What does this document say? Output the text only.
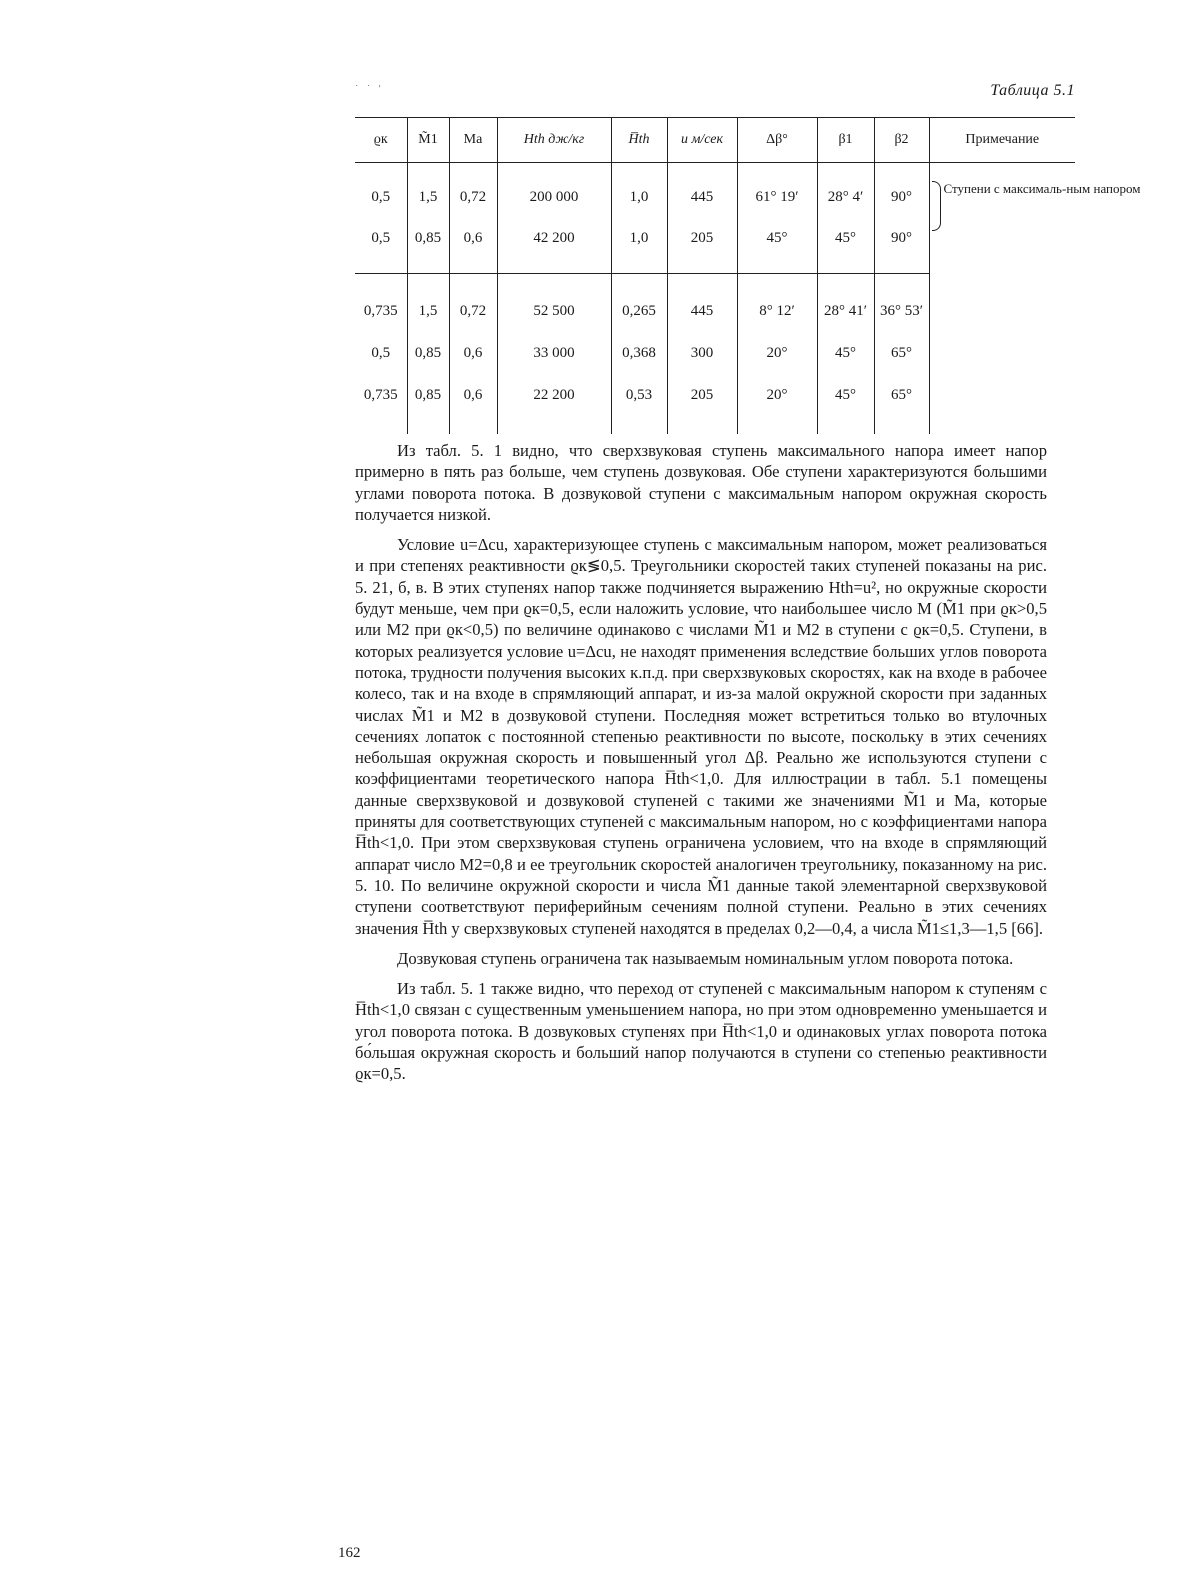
˙ ˙ ′	Таблица 5.1
ϱк	M̃1	Ma	Hth дж/кг	H̅th	u м/сек	Δβ°	β1	β2	Примечание

									Ступени с максималь-ным напором

0,5	1,5	0,72	200 000	1,0	445	61° 19′	28° 4′	90°	
0,5	0,85	0,6	42 200	1,0	205	45°	45°	90°	

0,735	1,5	0,72	52 500	0,265	445	8° 12′	28° 41′	36° 53′	
0,5	0,85	0,6	33 000	0,368	300	20°	45°	65°	
0,735	0,85	0,6	22 200	0,53	205	20°	45°	65°	

Из табл. 5. 1 видно, что сверхзвуковая ступень максимального напора имеет напор примерно в пять раз больше, чем ступень дозвуковая. Обе ступени характеризуются большими углами поворота потока. В дозвуковой ступени с максимальным напором окружная скорость получается низкой.

Условие u=Δcu, характеризующее ступень с максимальным напором, может реализоваться и при степенях реактивности ϱк≶0,5. Треугольники скоростей таких ступеней показаны на рис. 5. 21, б, в. В этих ступенях напор также подчиняется выражению Hth=u², но окружные скорости будут меньше, чем при ϱк=0,5, если наложить условие, что наибольшее число M (M̃1 при ϱк>0,5 или M2 при ϱк<0,5) по величине одинаково с числами M̃1 и M2 в ступени с ϱк=0,5. Ступени, в которых реализуется условие u=Δcu, не находят применения вследствие больших углов поворота потока, трудности получения высоких к.п.д. при сверхзвуковых скоростях, как на входе в рабочее колесо, так и на входе в спрямляющий аппарат, и из-за малой окружной скорости при заданных числах M̃1 и M2 в дозвуковой ступени. Последняя может встретиться только во втулочных сечениях лопаток с постоянной степенью реактивности по высоте, поскольку в этих сечениях небольшая окружная скорость и повышенный угол Δβ. Реально же используются ступени с коэффициентами теоретического напора H̅th<1,0. Для иллюстрации в табл. 5.1 помещены данные сверхзвуковой и дозвуковой ступеней с такими же значениями M̃1 и Ma, которые приняты для соответствующих ступеней с максимальным напором, но с коэффициентами напора H̅th<1,0. При этом сверхзвуковая ступень ограничена условием, что на входе в спрямляющий аппарат число M2=0,8 и ее треугольник скоростей аналогичен треугольнику, показанному на рис. 5. 10. По величине окружной скорости и числа M̃1 данные такой элементарной сверхзвуковой ступени соответствуют периферийным сечениям полной ступени. Реально в этих сечениях значения H̅th у сверхзвуковых ступеней находятся в пределах 0,2—0,4, а числа M̃1≤1,3—1,5 [66].

Дозвуковая ступень ограничена так называемым номинальным углом поворота потока.

Из табл. 5. 1 также видно, что переход от ступеней с максимальным напором к ступеням с H̅th<1,0 связан с существенным уменьшением напора, но при этом одновременно уменьшается и угол поворота потока. В дозвуковых ступенях при H̅th<1,0 и одинаковых углах поворота потока бо́льшая окружная скорость и больший напор получаются в ступени со степенью реактивности ϱк=0,5.

162
